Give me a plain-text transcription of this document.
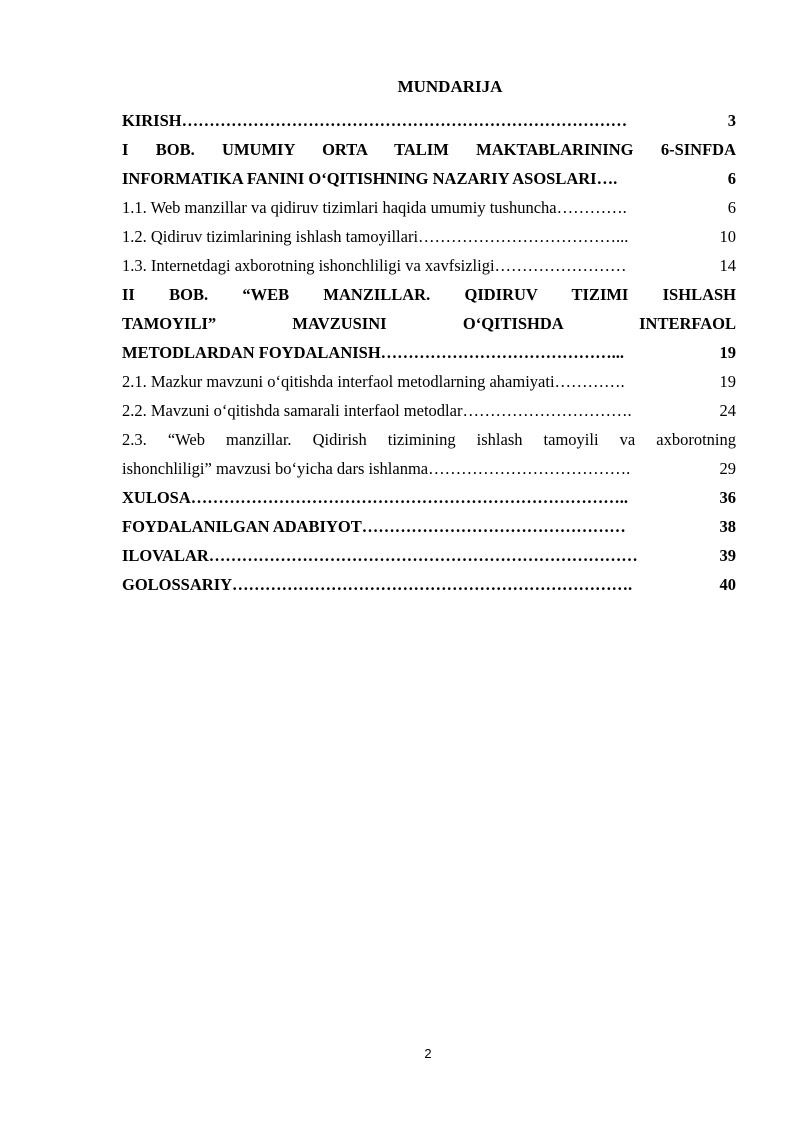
MUNDARIJA
KIRISH………………………………………………………………………	3
I BOB. UMUMIY ORTA TALIM MAKTABLARINING 6-SINFDA
INFORMATIKA FANINI O‘QITISHNING NAZARIY ASOSLARI….	6
1.1. Web manzillar va qidiruv tizimlari haqida umumiy tushuncha………….	6
1.2. Qidiruv tizimlarining ishlash tamoyillari………………………………...	10
1.3. Internetdagi axborotning ishonchliligi va xavfsizligi……………………	14
II BOB. “WEB MANZILLAR. QIDIRUV TIZIMI ISHLASH
TAMOYILI” MAVZUSINI O‘QITISHDA INTERFAOL
METODLARDAN FOYDALANISH……………………………………...	19
2.1. Mazkur mavzuni o‘qitishda interfaol metodlarning ahamiyati………….	19
2.2. Mavzuni o‘qitishda samarali interfaol metodlar………………………….	24
2.3. “Web manzillar. Qidirish tizimining ishlash tamoyili va axborotning
ishonchliligi” mavzusi bo‘yicha dars ishlanma……………………………….	29
XULOSA……………………………………………………………………..	36
FOYDALANILGAN ADABIYOT…………………………………………	38
ILOVALAR……………………………………………………………………	39
GOLOSSARIY……………………………………………………………….	40
2
